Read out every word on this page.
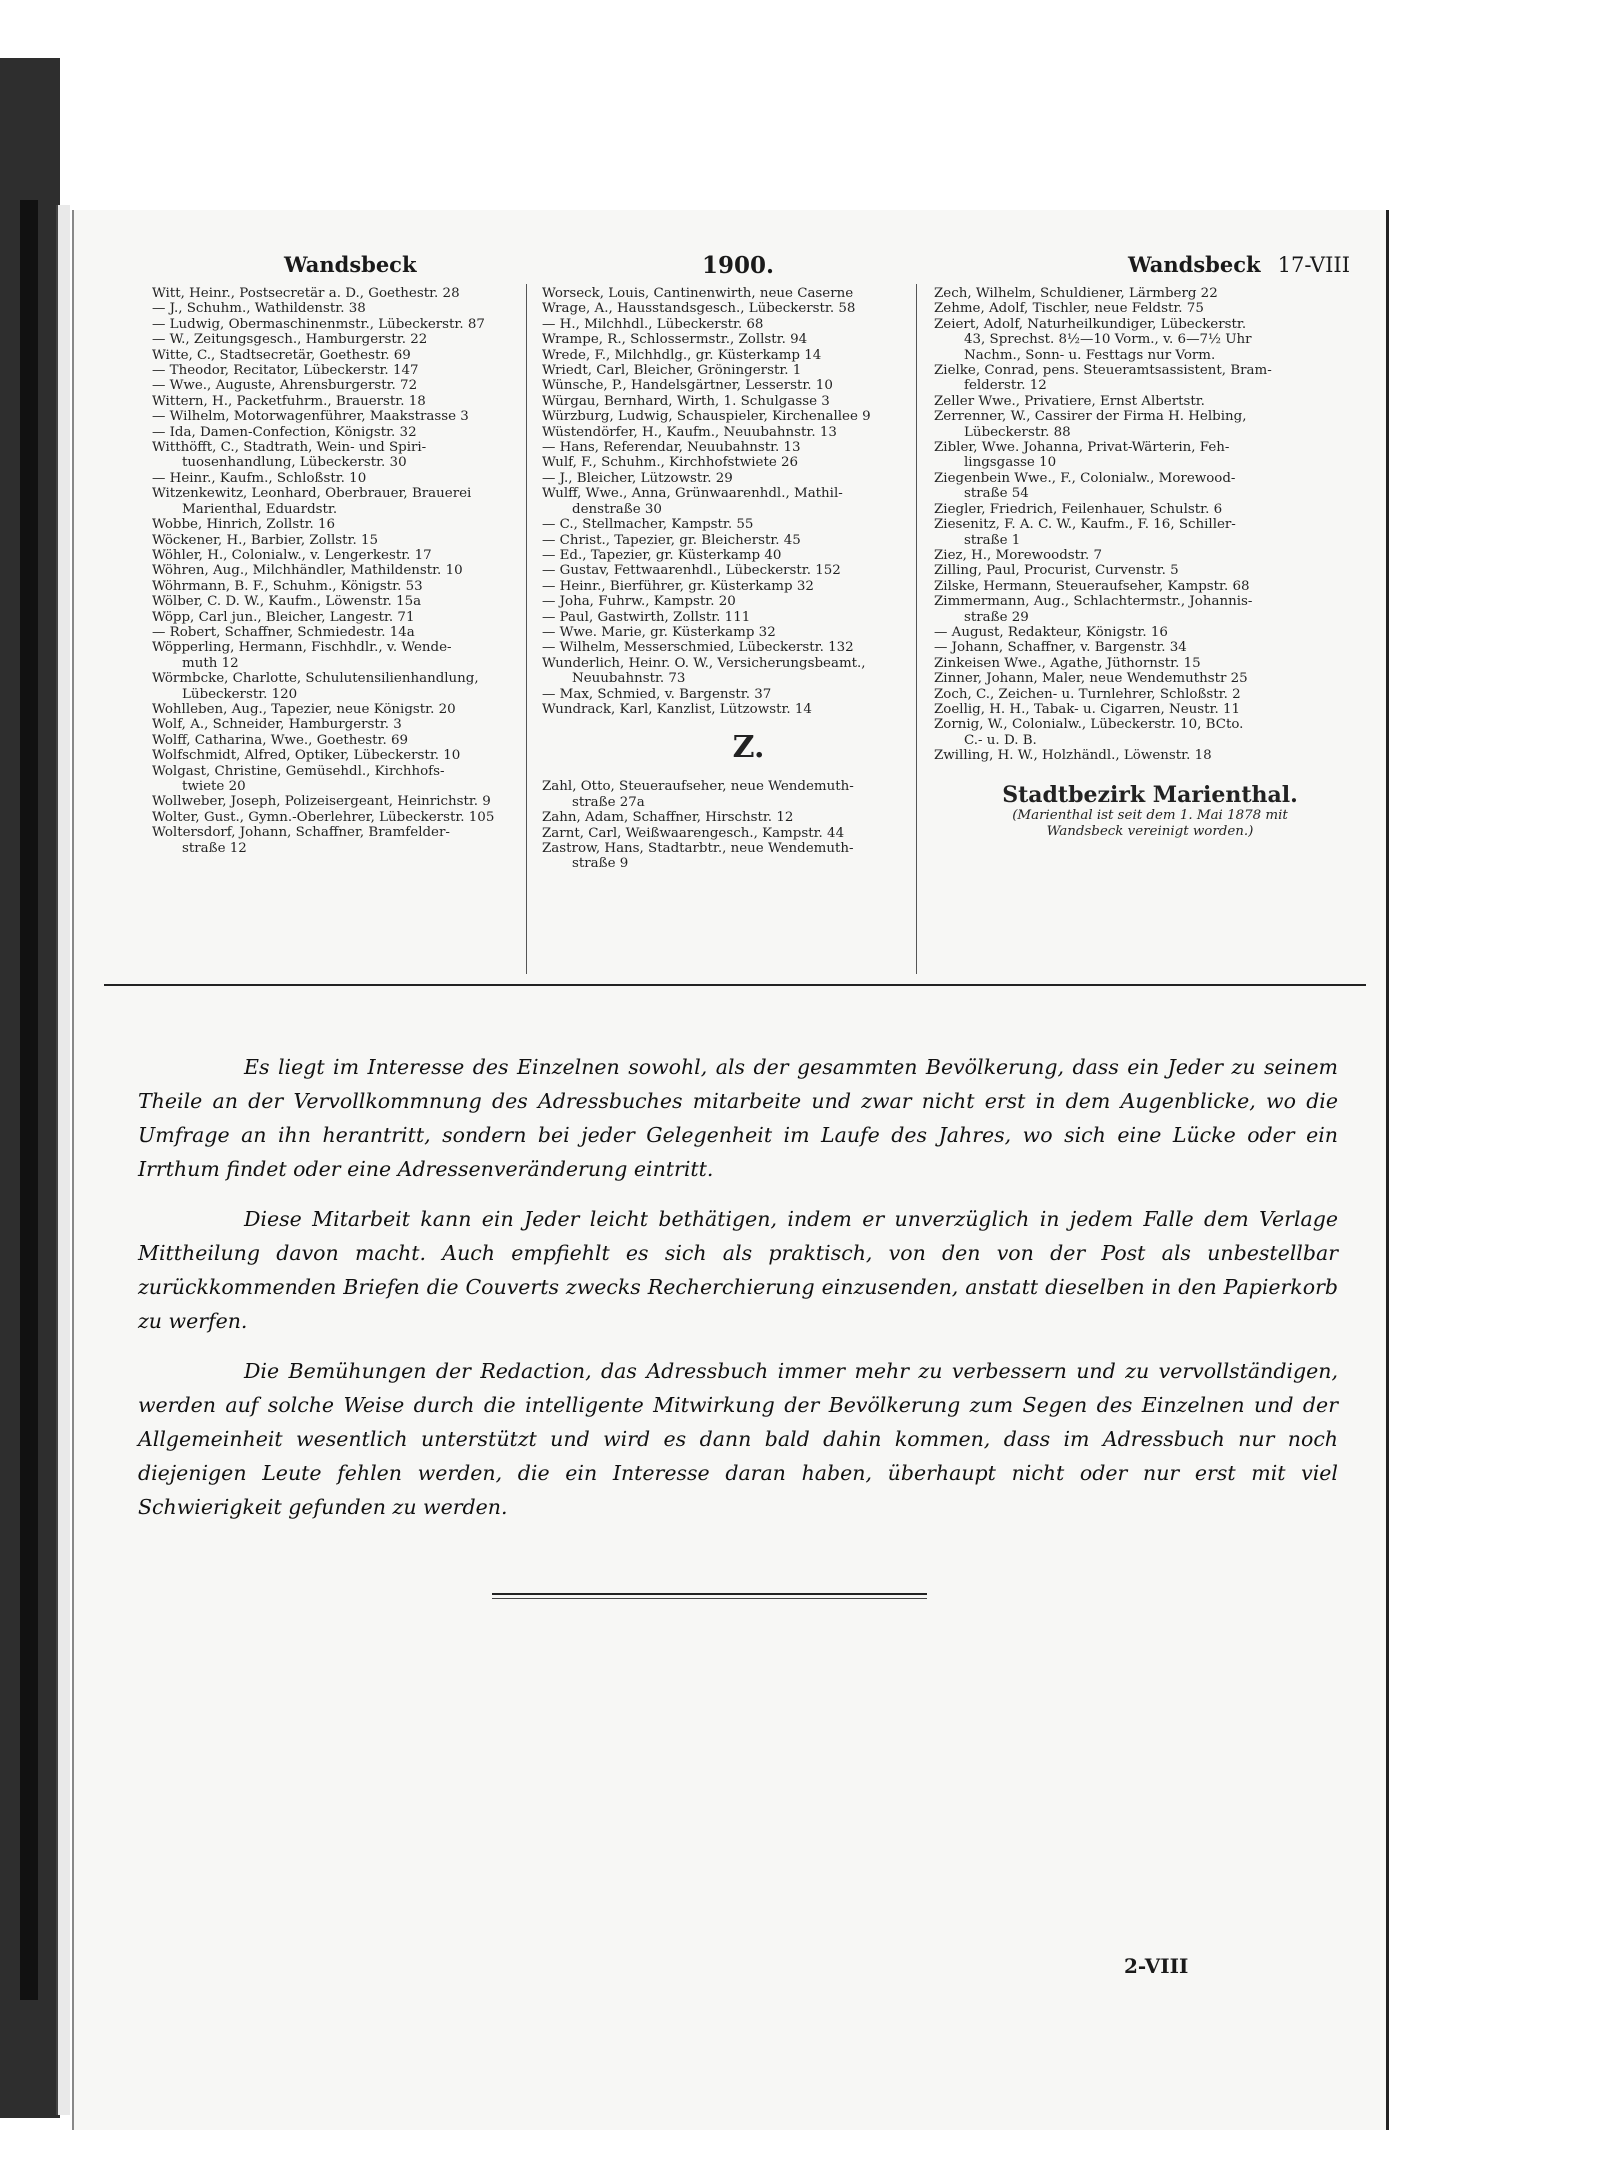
Wandsbeck	1900.	Wandsbeck 17-VIII
Witt, Heinr., Postsecretär a. D., Goethestr. 28
— J., Schuhm., Wathildenstr. 38
— Ludwig, Obermaschinenmstr., Lübeckerstr. 87
— W., Zeitungsgesch., Hamburgerstr. 22
Witte, C., Stadtsecretär, Goethestr. 69
— Theodor, Recitator, Lübeckerstr. 147
— Wwe., Auguste, Ahrensburgerstr. 72
Wittern, H., Packetfuhrm., Brauerstr. 18
— Wilhelm, Motorwagenführer, Maakstrasse 3
— Ida, Damen-Confection, Königstr. 32
Witthöfft, C., Stadtrath, Wein- und Spiri-
tuosenhandlung, Lübeckerstr. 30
— Heinr., Kaufm., Schloßstr. 10
Witzenkewitz, Leonhard, Oberbrauer, Brauerei
Marienthal, Eduardstr.
Wobbe, Hinrich, Zollstr. 16
Wöckener, H., Barbier, Zollstr. 15
Wöhler, H., Colonialw., v. Lengerkestr. 17
Wöhren, Aug., Milchhändler, Mathildenstr. 10
Wöhrmann, B. F., Schuhm., Königstr. 53
Wölber, C. D. W., Kaufm., Löwenstr. 15a
Wöpp, Carl jun., Bleicher, Langestr. 71
— Robert, Schaffner, Schmiedestr. 14a
Wöpperling, Hermann, Fischhdlr., v. Wende-
muth 12
Wörmbcke, Charlotte, Schulutensilienhandlung,
Lübeckerstr. 120
Wohlleben, Aug., Tapezier, neue Königstr. 20
Wolf, A., Schneider, Hamburgerstr. 3
Wolff, Catharina, Wwe., Goethestr. 69
Wolfschmidt, Alfred, Optiker, Lübeckerstr. 10
Wolgast, Christine, Gemüsehdl., Kirchhofs-
twiete 20
Wollweber, Joseph, Polizeisergeant, Heinrichstr. 9
Wolter, Gust., Gymn.-Oberlehrer, Lübeckerstr. 105
Woltersdorf, Johann, Schaffner, Bramfelder-
straße 12
Worseck, Louis, Cantinenwirth, neue Caserne
Wrage, A., Hausstandsgesch., Lübeckerstr. 58
— H., Milchhdl., Lübeckerstr. 68
Wrampe, R., Schlossermstr., Zollstr. 94
Wrede, F., Milchhdlg., gr. Küsterkamp 14
Wriedt, Carl, Bleicher, Gröningerstr. 1
Wünsche, P., Handelsgärtner, Lesserstr. 10
Würgau, Bernhard, Wirth, 1. Schulgasse 3
Würzburg, Ludwig, Schauspieler, Kirchenallee 9
Wüstendörfer, H., Kaufm., Neuubahnstr. 13
— Hans, Referendar, Neuubahnstr. 13
Wulf, F., Schuhm., Kirchhofstwiete 26
— J., Bleicher, Lützowstr. 29
Wulff, Wwe., Anna, Grünwaarenhdl., Mathil-
denstraße 30
— C., Stellmacher, Kampstr. 55
— Christ., Tapezier, gr. Bleicherstr. 45
— Ed., Tapezier, gr. Küsterkamp 40
— Gustav, Fettwaarenhdl., Lübeckerstr. 152
— Heinr., Bierführer, gr. Küsterkamp 32
— Joha, Fuhrw., Kampstr. 20
— Paul, Gastwirth, Zollstr. 111
— Wwe. Marie, gr. Küsterkamp 32
— Wilhelm, Messerschmied, Lübeckerstr. 132
Wunderlich, Heinr. O. W., Versicherungsbeamt.,
Neuubahnstr. 73
— Max, Schmied, v. Bargenstr. 37
Wundrack, Karl, Kanzlist, Lützowstr. 14
Z.
Zahl, Otto, Steueraufseher, neue Wendemuth-
straße 27a
Zahn, Adam, Schaffner, Hirschstr. 12
Zarnt, Carl, Weißwaarengesch., Kampstr. 44
Zastrow, Hans, Stadtarbtr., neue Wendemuth-
straße 9
Zech, Wilhelm, Schuldiener, Lärmberg 22
Zehme, Adolf, Tischler, neue Feldstr. 75
Zeiert, Adolf, Naturheilkundiger, Lübeckerstr.
43, Sprechst. 8½—10 Vorm., v. 6—7½ Uhr
Nachm., Sonn- u. Festtags nur Vorm.
Zielke, Conrad, pens. Steueramtsassistent, Bram-
felderstr. 12
Zeller Wwe., Privatiere, Ernst Albertstr.
Zerrenner, W., Cassirer der Firma H. Helbing,
Lübeckerstr. 88
Zibler, Wwe. Johanna, Privat-Wärterin, Feh-
lingsgasse 10
Ziegenbein Wwe., F., Colonialw., Morewood-
straße 54
Ziegler, Friedrich, Feilenhauer, Schulstr. 6
Ziesenitz, F. A. C. W., Kaufm., F. 16, Schiller-
straße 1
Ziez, H., Morewoodstr. 7
Zilling, Paul, Procurist, Curvenstr. 5
Zilske, Hermann, Steueraufseher, Kampstr. 68
Zimmermann, Aug., Schlachtermstr., Johannis-
straße 29
— August, Redakteur, Königstr. 16
— Johann, Schaffner, v. Bargenstr. 34
Zinkeisen Wwe., Agathe, Jüthornstr. 15
Zinner, Johann, Maler, neue Wendemuthstr 25
Zoch, C., Zeichen- u. Turnlehrer, Schloßstr. 2
Zoellig, H. H., Tabak- u. Cigarren, Neustr. 11
Zornig, W., Colonialw., Lübeckerstr. 10, BCto.
C.- u. D. B.
Zwilling, H. W., Holzhändl., Löwenstr. 18
Stadtbezirk Marienthal.
(Marienthal ist seit dem 1. Mai 1878 mit
Wandsbeck vereinigt worden.)

Es liegt im Interesse des Einzelnen sowohl, als der gesammten Bevölkerung, dass ein Jeder zu seinem Theile an der Vervollkommnung des Adressbuches mitarbeite und zwar nicht erst in dem Augenblicke, wo die Umfrage an ihn herantritt, sondern bei jeder Gelegenheit im Laufe des Jahres, wo sich eine Lücke oder ein Irrthum findet oder eine Adressenveränderung eintritt.

Diese Mitarbeit kann ein Jeder leicht bethätigen, indem er unverzüglich in jedem Falle dem Verlage Mittheilung davon macht. Auch empfiehlt es sich als praktisch, von den von der Post als unbestellbar zurückkommenden Briefen die Couverts zwecks Recherchierung einzusenden, anstatt dieselben in den Papierkorb zu werfen.

Die Bemühungen der Redaction, das Adressbuch immer mehr zu verbessern und zu vervollständigen, werden auf solche Weise durch die intelligente Mitwirkung der Bevölkerung zum Segen des Einzelnen und der Allgemeinheit wesentlich unterstützt und wird es dann bald dahin kommen, dass im Adressbuch nur noch diejenigen Leute fehlen werden, die ein Interesse daran haben, überhaupt nicht oder nur erst mit viel Schwierigkeit gefunden zu werden.

2-VIII
